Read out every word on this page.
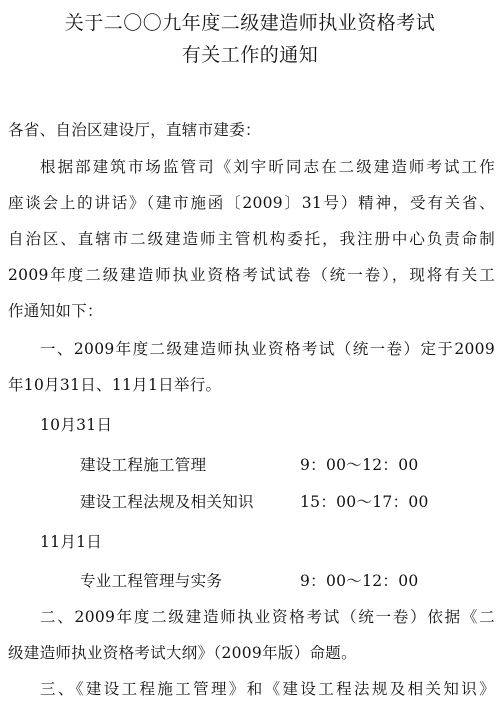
关于二〇〇九年度二级建造师执业资格考试
有关工作的通知
各省、自治区建设厅，直辖市建委：
根据部建筑市场监管司《刘宇昕同志在二级建造师考试工作
座谈会上的讲话》（建市施函〔2009〕31号）精神，受有关省、
自治区、直辖市二级建造师主管机构委托，我注册中心负责命制
2009年度二级建造师执业资格考试试卷（统一卷），现将有关工
作通知如下：
一、2009年度二级建造师执业资格考试（统一卷）定于2009
年10月31日、11月1日举行。
10月31日
建设工程施工管理	9：00～12：00
建设工程法规及相关知识	15：00～17：00
11月1日
专业工程管理与实务	9：00～12：00
二、2009年度二级建造师执业资格考试（统一卷）依据《二
级建造师执业资格考试大纲》（2009年版）命题。
三、《建设工程施工管理》和《建设工程法规及相关知识》
